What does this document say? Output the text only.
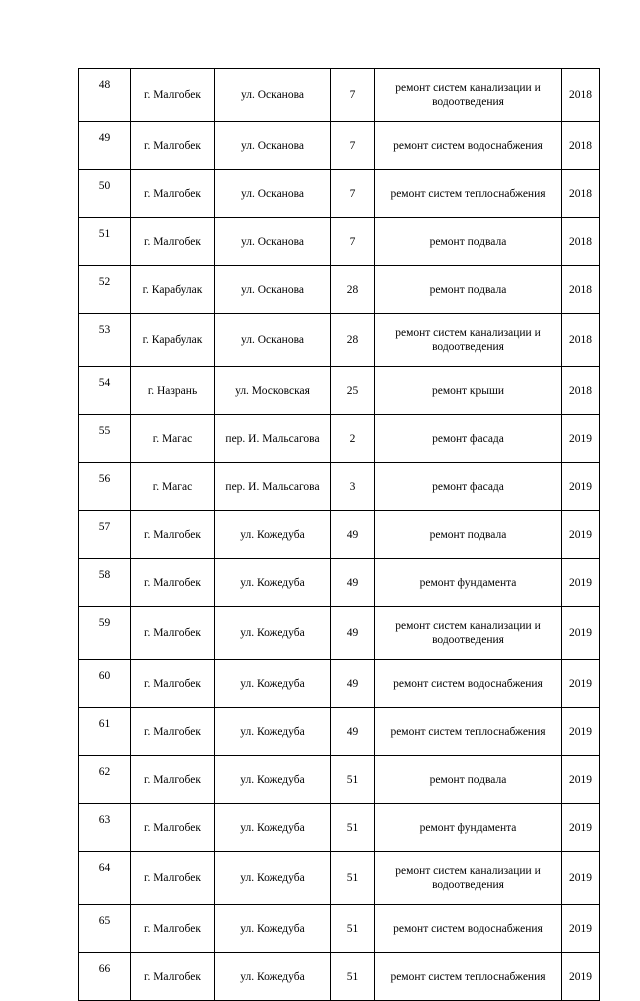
48	г. Малгобек	ул. Осканова	7	ремонт систем канализации и водоотведения	2018
49	г. Малгобек	ул. Осканова	7	ремонт систем водоснабжения	2018
50	г. Малгобек	ул. Осканова	7	ремонт систем теплоснабжения	2018
51	г. Малгобек	ул. Осканова	7	ремонт подвала	2018
52	г. Карабулак	ул. Осканова	28	ремонт подвала	2018
53	г. Карабулак	ул. Осканова	28	ремонт систем канализации и водоотведения	2018
54	г. Назрань	ул. Московская	25	ремонт крыши	2018
55	г. Магас	пер. И. Мальсагова	2	ремонт фасада	2019
56	г. Магас	пер. И. Мальсагова	3	ремонт фасада	2019
57	г. Малгобек	ул. Кожедуба	49	ремонт подвала	2019
58	г. Малгобек	ул. Кожедуба	49	ремонт фундамента	2019
59	г. Малгобек	ул. Кожедуба	49	ремонт систем канализации и водоотведения	2019
60	г. Малгобек	ул. Кожедуба	49	ремонт систем водоснабжения	2019
61	г. Малгобек	ул. Кожедуба	49	ремонт систем теплоснабжения	2019
62	г. Малгобек	ул. Кожедуба	51	ремонт подвала	2019
63	г. Малгобек	ул. Кожедуба	51	ремонт фундамента	2019
64	г. Малгобек	ул. Кожедуба	51	ремонт систем канализации и водоотведения	2019
65	г. Малгобек	ул. Кожедуба	51	ремонт систем водоснабжения	2019
66	г. Малгобек	ул. Кожедуба	51	ремонт систем теплоснабжения	2019
